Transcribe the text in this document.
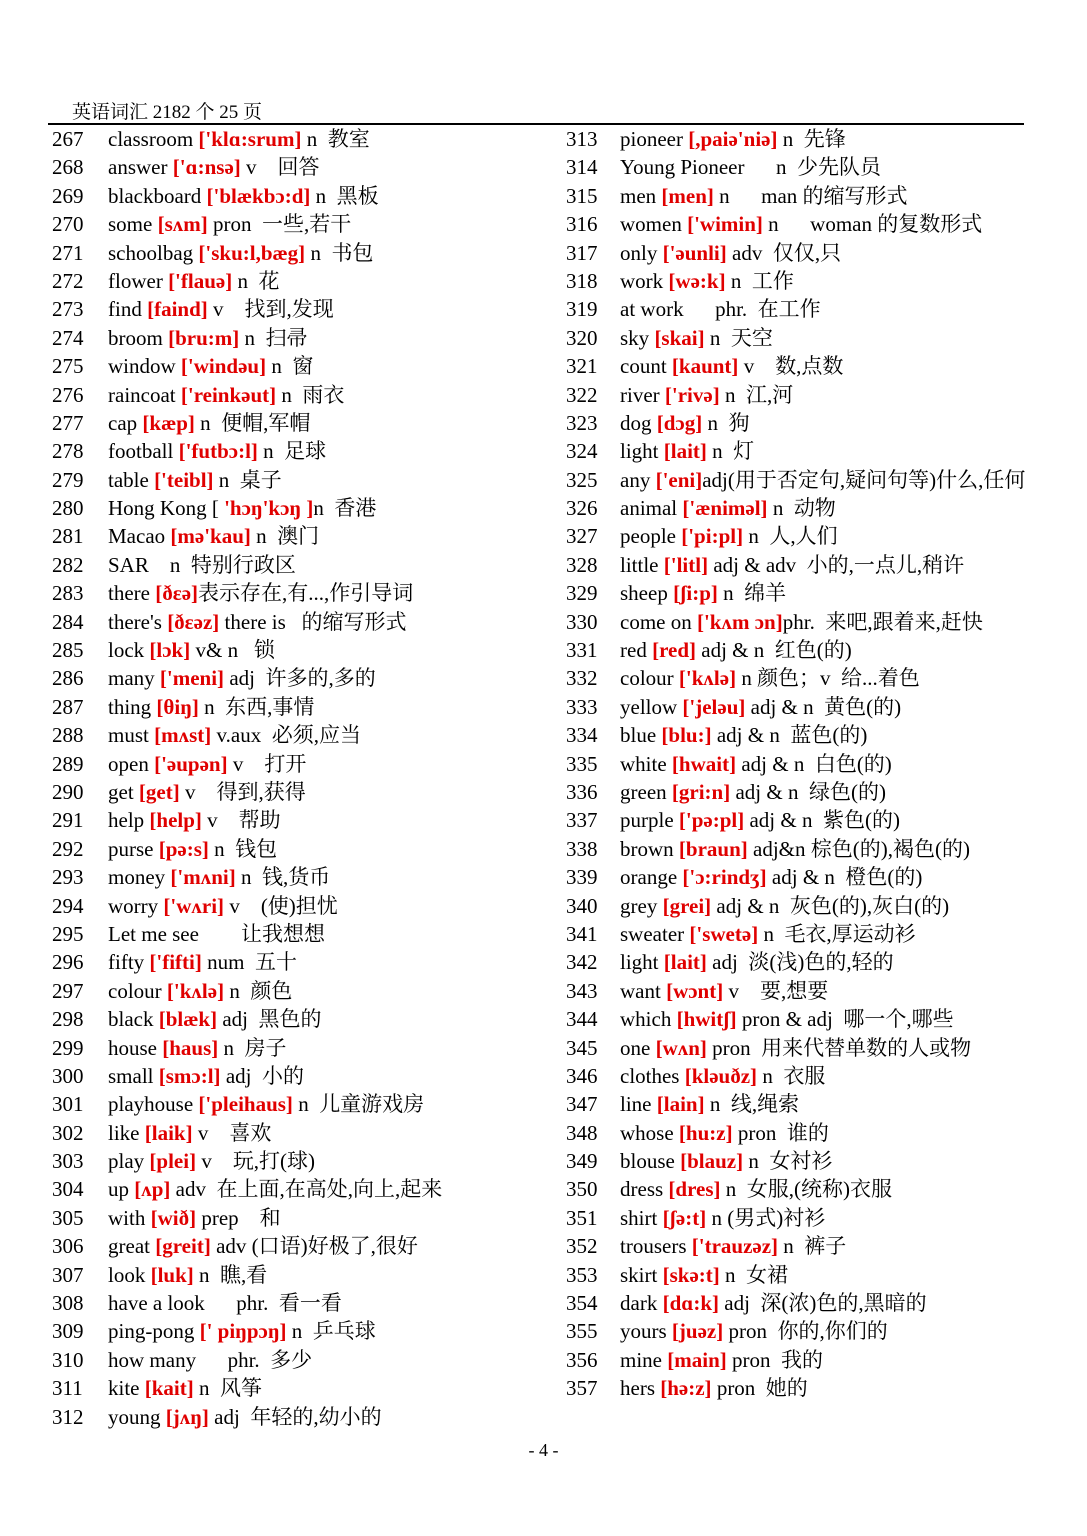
英语词汇 2182 个 25 页
267	classroom ['klɑ:srum] n  教室
268	answer ['ɑ:nsə] v    回答
269	blackboard ['blækbɔ:d] n  黑板
270	some [sʌm] pron  一些,若干
271	schoolbag ['sku:l,bæg] n  书包
272	flower ['flauə] n  花
273	find [faind] v    找到,发现
274	broom [bru:m] n  扫帚
275	window ['windəu] n  窗
276	raincoat ['reinkəut] n  雨衣
277	cap [kæp] n  便帽,军帽
278	football ['futbɔ:l] n  足球
279	table ['teibl] n  桌子
280	Hong Kong [ 'hɔŋ'kɔŋ ] n  香港
281	Macao [mə'kau] n  澳门
282	SAR    n  特别行政区
283	there [ðεə] 表示存在,有...,作引导词
284	there's [ðεəz] there is   的缩写形式
285	lock [lɔk] v& n   锁
286	many ['meni] adj  许多的,多的
287	thing [θiŋ] n  东西,事情
288	must [mʌst] v.aux  必须,应当
289	open ['əupən] v    打开
290	get [get] v    得到,获得
291	help [help] v    帮助
292	purse [pə:s] n  钱包
293	money ['mʌni] n  钱,货币
294	worry ['wʌri] v    (使)担忧
295	Let me see        让我想想
296	fifty ['fifti] num  五十
297	colour ['kʌlə] n  颜色
298	black [blæk] adj  黑色的
299	house [haus] n  房子
300	small [smɔ:l] adj  小的
301	playhouse ['pleihaus] n  儿童游戏房
302	like [laik] v    喜欢
303	play [plei] v    玩,打(球)
304	up [ʌp] adv  在上面,在高处,向上,起来
305	with [wið] prep    和
306	great [greit] adv (口语)好极了,很好
307	look [luk] n  瞧,看
308	have a look      phr.  看一看
309	ping-pong [' piŋpɔŋ] n  乒乓球
310	how many      phr.  多少
311	kite [kait] n  风筝
312	young [jʌŋ] adj  年轻的,幼小的
313	pioneer [,paiə'niə] n  先锋
314	Young Pioneer      n  少先队员
315	men [men] n      man 的缩写形式
316	women ['wimin] n      woman 的复数形式
317	only ['əunli] adv  仅仅,只
318	work [wə:k] n  工作
319	at work      phr.  在工作
320	sky [skai] n  天空
321	count [kaunt] v    数,点数
322	river ['rivə] n  江,河
323	dog [dɔg] n  狗
324	light [lait] n  灯
325 any ['eni]adj(用于否定句,疑问句等)什么,任何
326	animal ['æniməl] n  动物
327	people ['pi:pl] n  人,人们
328	little ['litl] adj & adv  小的,一点儿,稍许
329	sheep [ʃi:p] n  绵羊
330	come on ['kʌm ɔn] phr.  来吧,跟着来,赶快
331	red [red] adj & n  红色(的)
332	colour ['kʌlə] n 颜色；v  给...着色
333	yellow ['jeləu] adj & n  黄色(的)
334	blue [blu:] adj & n  蓝色(的)
335	white [hwait] adj & n  白色(的)
336	green [gri:n] adj & n  绿色(的)
337	purple ['pə:pl] adj & n  紫色(的)
338	brown [braun] adj&n 棕色(的),褐色(的)
339	orange ['ɔ:rindʒ] adj & n  橙色(的)
340	grey [grei] adj & n  灰色(的),灰白(的)
341	sweater ['swetə] n  毛衣,厚运动衫
342	light [lait] adj  淡(浅)色的,轻的
343	want [wɔnt] v    要,想要
344	which [hwitʃ] pron & adj  哪一个,哪些
345	one [wʌn] pron  用来代替单数的人或物
346	clothes [kləuðz] n  衣服
347	line [lain] n  线,绳索
348	whose [hu:z] pron  谁的
349	blouse [blauz] n  女衬衫
350	dress [dres] n  女服,(统称)衣服
351	shirt [ʃə:t] n (男式)衬衫
352	trousers ['trauzəz] n  裤子
353	skirt [skə:t] n  女裙
354	dark [dɑ:k] adj  深(浓)色的,黑暗的
355	yours [juəz] pron  你的,你们的
356	mine [main] pron  我的
357	hers [hə:z] pron  她的
- 4 -
